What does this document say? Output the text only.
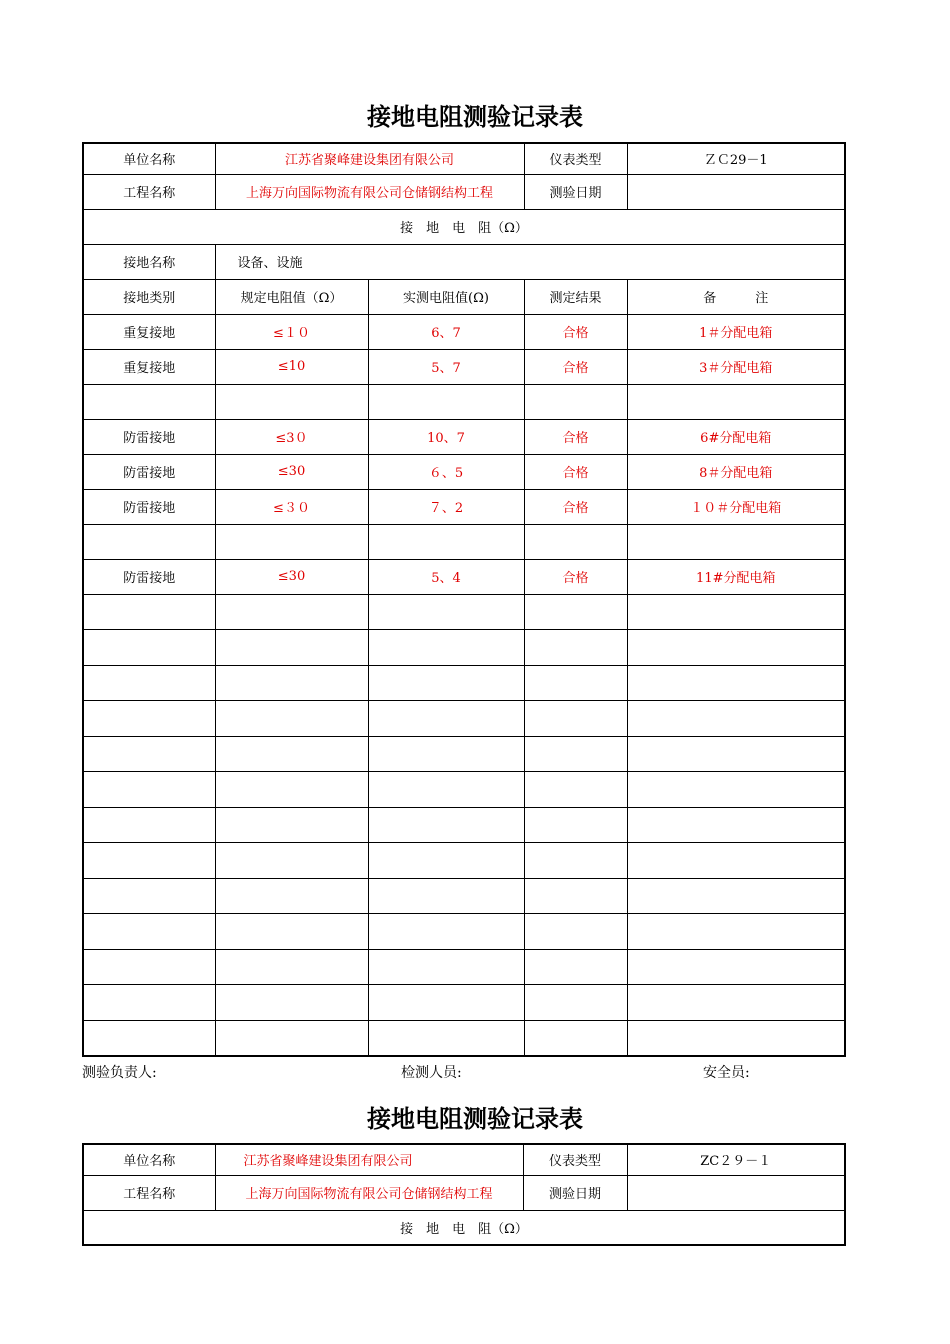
接地电阻测验记录表
单位名称	江苏省聚峰建设集团有限公司		仪表类型	ＺＣ29－1
工程名称	上海万向国际物流有限公司仓储钢结构工程		测验日期	
接　地　电　阻（Ω）				
接地名称	设备、设施			
接地类别	规定电阻值（Ω）	实测电阻值(Ω)	测定结果	备　　　注
重复接地	≤１０	6、7	合格	1＃分配电箱
重复接地	≤10	5、7	合格	3＃分配电箱

防雷接地	≤3０	10、7	合格	6#分配电箱
防雷接地	≤30	６、5	合格	8＃分配电箱
防雷接地	≤３０	７、2	合格	１０＃分配电箱

防雷接地	≤30	5、4	合格	11#分配电箱

测验负责人:	检测人员:	安全员:
接地电阻测验记录表
单位名称	江苏省聚峰建设集团有限公司	仪表类型	ZC２９－１
工程名称	上海万向国际物流有限公司仓储钢结构工程	测验日期	
接　地　电　阻（Ω）			
